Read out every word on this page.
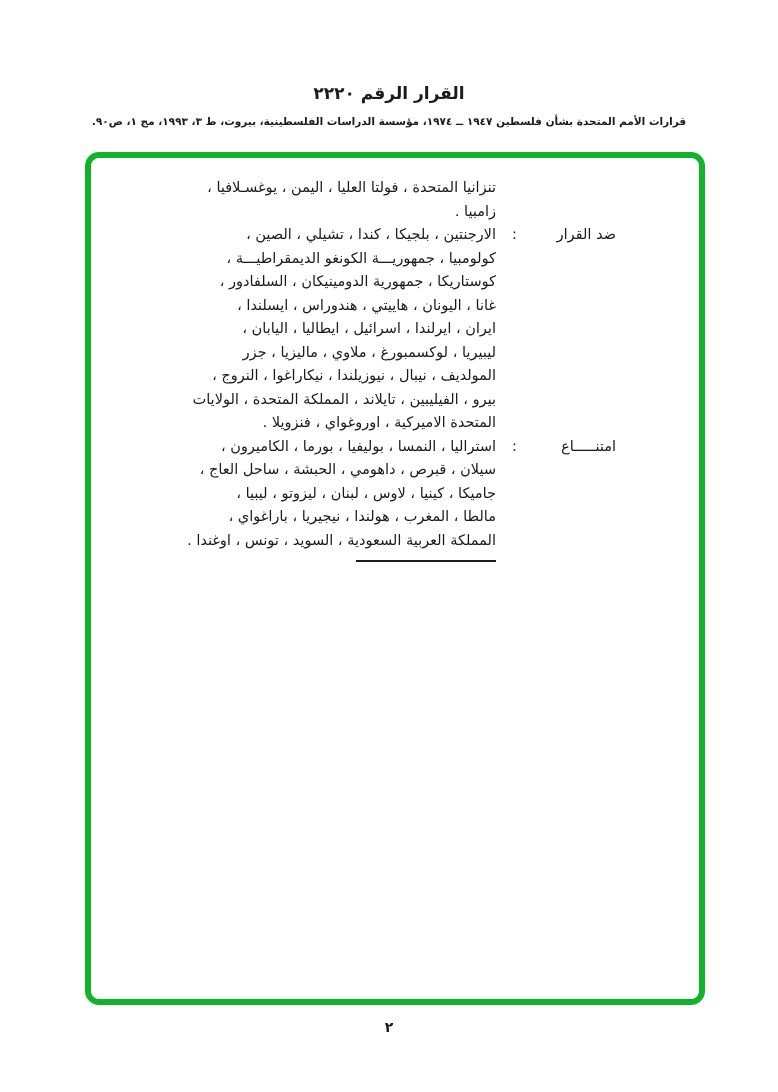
القرار الرقم ٢٢٢٠
قرارات الأمم المتحدة بشأن فلسطين ١٩٤٧ ــ ١٩٧٤، مؤسسة الدراسات الفلسطينية، بيروت، ط ٣، ١٩٩٣، مج ١، ص٩٠.
تنزانيا المتحدة ، فولتا العليا ، اليمن ، يوغسـلافيا ،
زامبيا .
ضد القرار
:
الارجنتين ، بلجيكا ، كندا ، تشيلي ، الصين ،
كولومبيا ، جمهوريـــة الكونغو الديمقراطيـــة ،
كوستاريكا ، جمهورية الدومينيكان ، السلفادور ،
غانا ، اليونان ، هاييتي ، هندوراس ، ايسلندا ،
ايران ، ايرلندا ، اسرائيل ، ايطاليا ، اليابان ،
ليبيريا ، لوكسمبورغ ، ملاوي ، ماليزيا ، جزر
المولديف ، نيبال ، نيوزيلندا ، نيكاراغوا ، النروج ،
بيرو ، الفيليبين ، تايلاند ، المملكة المتحدة ، الولايات
المتحدة الاميركية ، اوروغواي ، فنزويلا .
امتنـــــاع
:
استراليا ، النمسا ، بوليفيا ، بورما ، الكاميرون ،
سيلان ، قبرص ، داهومي ، الحبشة ، ساحل العاج ،
جاميكا ، كينيا ، لاوس ، لبنان ، ليزوتو ، ليبيا ،
مالطا ، المغرب ، هولندا ، نيجيريا ، باراغواي ،
المملكة العربية السعودية ، السويد ، تونس ، اوغندا .
٢
